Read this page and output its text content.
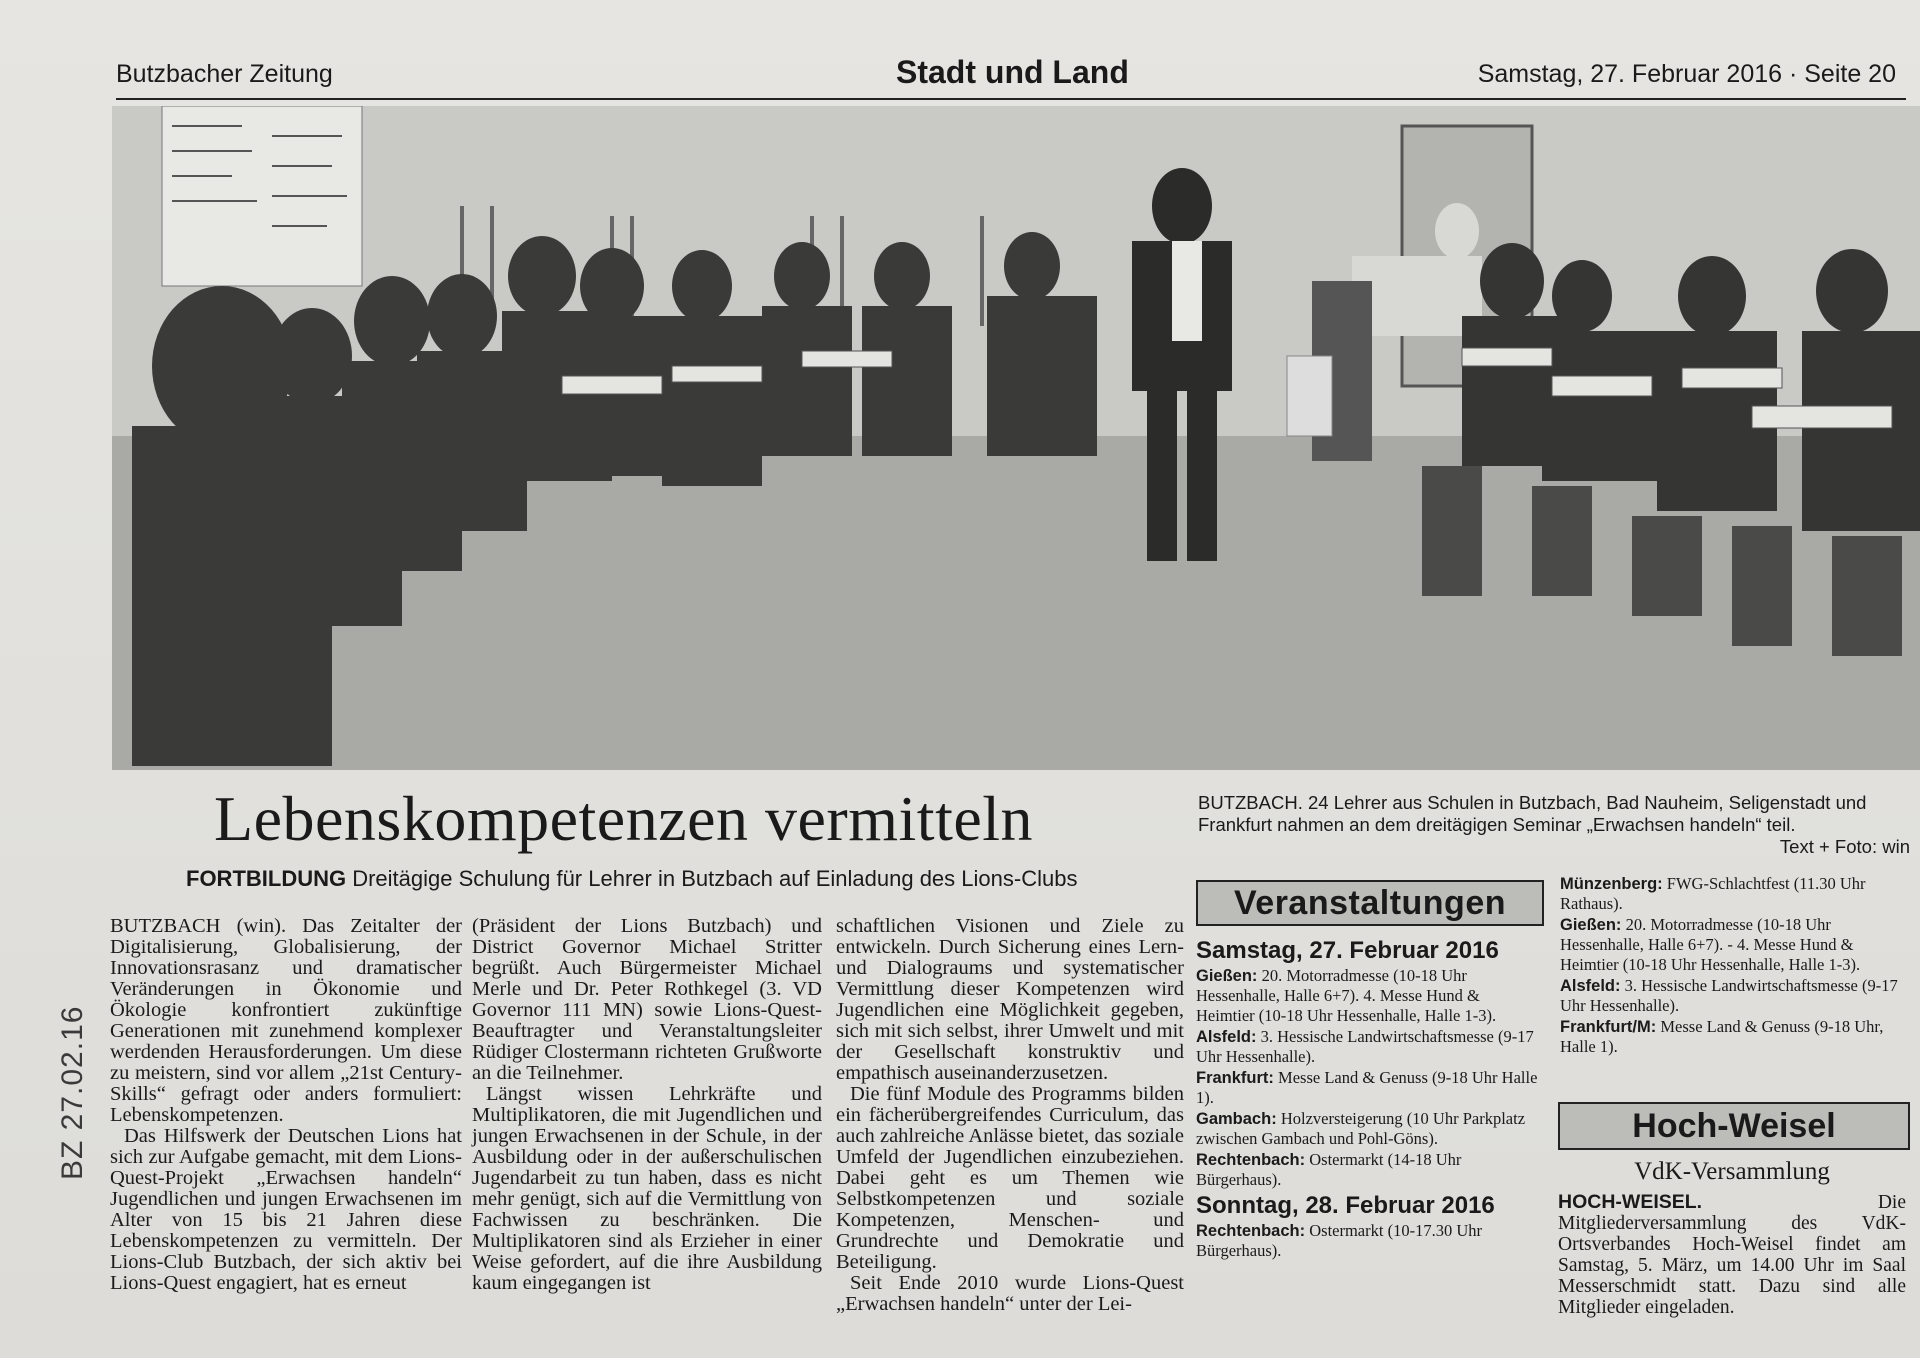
Butzbacher Zeitung	Stadt und Land	Samstag, 27. Februar 2016 · Seite 20
Lebenskompetenzen vermitteln
FORTBILDUNG Dreitägige Schulung für Lehrer in Butzbach auf Einladung des Lions-Clubs
BUTZBACH. 24 Lehrer aus Schulen in Butzbach, Bad Nauheim, Seligenstadt und Frankfurt nahmen an dem dreitägigen Seminar „Erwachsen handeln“ teil.
Text + Foto: win

BUTZBACH (win). Das Zeitalter der Digitalisierung, Globalisierung, der Innovationsrasanz und dramatischer Veränderungen in Ökonomie und Ökologie konfrontiert zukünftige Generationen mit zunehmend komplexer werdenden Herausforderungen. Um diese zu meistern, sind vor allem „21st Century-Skills“ gefragt oder anders formuliert: Lebenskompetenzen.

Das Hilfswerk der Deutschen Lions hat sich zur Aufgabe gemacht, mit dem Lions-Quest-Projekt „Erwachsen handeln“ Jugendlichen und jungen Erwachsenen im Alter von 15 bis 21 Jahren diese Lebenskompetenzen zu vermitteln. Der Lions-Club Butzbach, der sich aktiv bei Lions-Quest engagiert, hat es erneut

(Präsident der Lions Butzbach) und District Governor Michael Stritter begrüßt. Auch Bürgermeister Michael Merle und Dr. Peter Rothkegel (3. VD Governor 111 MN) sowie Lions-Quest-Beauftragter und Veranstaltungsleiter Rüdiger Clostermann richteten Grußworte an die Teilnehmer.

Längst wissen Lehrkräfte und Multiplikatoren, die mit Jugendlichen und jungen Erwachsenen in der Schule, in der Ausbildung oder in der außerschulischen Jugendarbeit zu tun haben, dass es nicht mehr genügt, sich auf die Vermittlung von Fachwissen zu beschränken. Die Multiplikatoren sind als Erzieher in einer Weise gefordert, auf die ihre Ausbildung kaum eingegangen ist

schaftlichen Visionen und Ziele zu entwickeln. Durch Sicherung eines Lern- und Dialograums und systematischer Vermittlung dieser Kompetenzen wird Jugendlichen eine Möglichkeit gegeben, sich mit sich selbst, ihrer Umwelt und mit der Gesellschaft konstruktiv und empathisch auseinanderzusetzen.

Die fünf Module des Programms bilden ein fächerübergreifendes Curriculum, das auch zahlreiche Anlässe bietet, das soziale Umfeld der Jugendlichen einzubeziehen. Dabei geht es um Themen wie Selbstkompetenzen und soziale Kompetenzen, Menschen- und Grundrechte und Demokratie und Beteiligung.

Seit Ende 2010 wurde Lions-Quest „Erwachsen handeln“ unter der Lei-

Veranstaltungen
Samstag, 27. Februar 2016
Gießen: 20. Motorradmesse (10-18 Uhr Hessenhalle, Halle 6+7). 4. Messe Hund & Heimtier (10-18 Uhr Hessenhalle, Halle 1-3).
Alsfeld: 3. Hessische Landwirtschaftsmesse (9-17 Uhr Hessenhalle).
Frankfurt: Messe Land & Genuss (9-18 Uhr Halle 1).
Gambach: Holzversteigerung (10 Uhr Parkplatz zwischen Gambach und Pohl-Göns).
Rechtenbach: Ostermarkt (14-18 Uhr Bürgerhaus).
Sonntag, 28. Februar 2016
Rechtenbach: Ostermarkt (10-17.30 Uhr Bürgerhaus).
Münzenberg: FWG-Schlachtfest (11.30 Uhr Rathaus).
Gießen: 20. Motorradmesse (10-18 Uhr Hessenhalle, Halle 6+7). - 4. Messe Hund & Heimtier (10-18 Uhr Hessenhalle, Halle 1-3).
Alsfeld: 3. Hessische Landwirtschaftsmesse (9-17 Uhr Hessenhalle).
Frankfurt/M: Messe Land & Genuss (9-18 Uhr, Halle 1).
Hoch-Weisel
VdK-Versammlung
HOCH-WEISEL.	Die Mitgliederversammlung des VdK-Ortsverbandes Hoch-Weisel findet am Samstag, 5. März, um 14.00 Uhr im Saal Messerschmidt statt. Dazu sind alle Mitglieder eingeladen.
BZ 27.02.16
